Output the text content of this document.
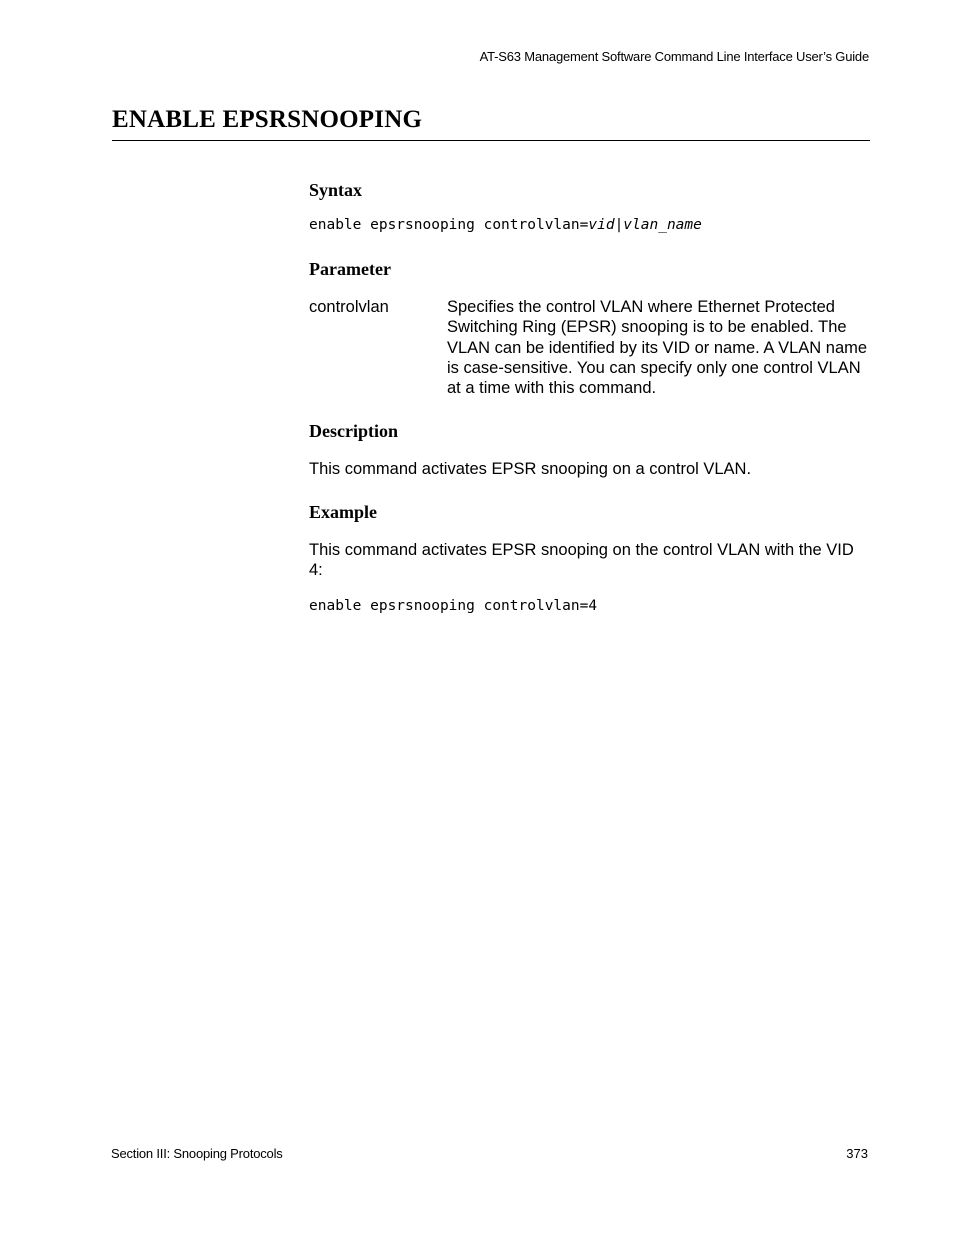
AT-S63 Management Software Command Line Interface User’s Guide
ENABLE EPSRSNOOPING
Syntax
enable epsrsnooping controlvlan=vid|vlan_name
Parameter
controlvlan	Specifies the control VLAN where Ethernet Protected Switching Ring (EPSR) snooping is to be enabled. The VLAN can be identified by its VID or name. A VLAN name is case-sensitive. You can specify only one control VLAN at a time with this command.
Description
This command activates EPSR snooping on a control VLAN.
Example
This command activates EPSR snooping on the control VLAN with the VID 4:
enable epsrsnooping controlvlan=4
Section III: Snooping Protocols	373
